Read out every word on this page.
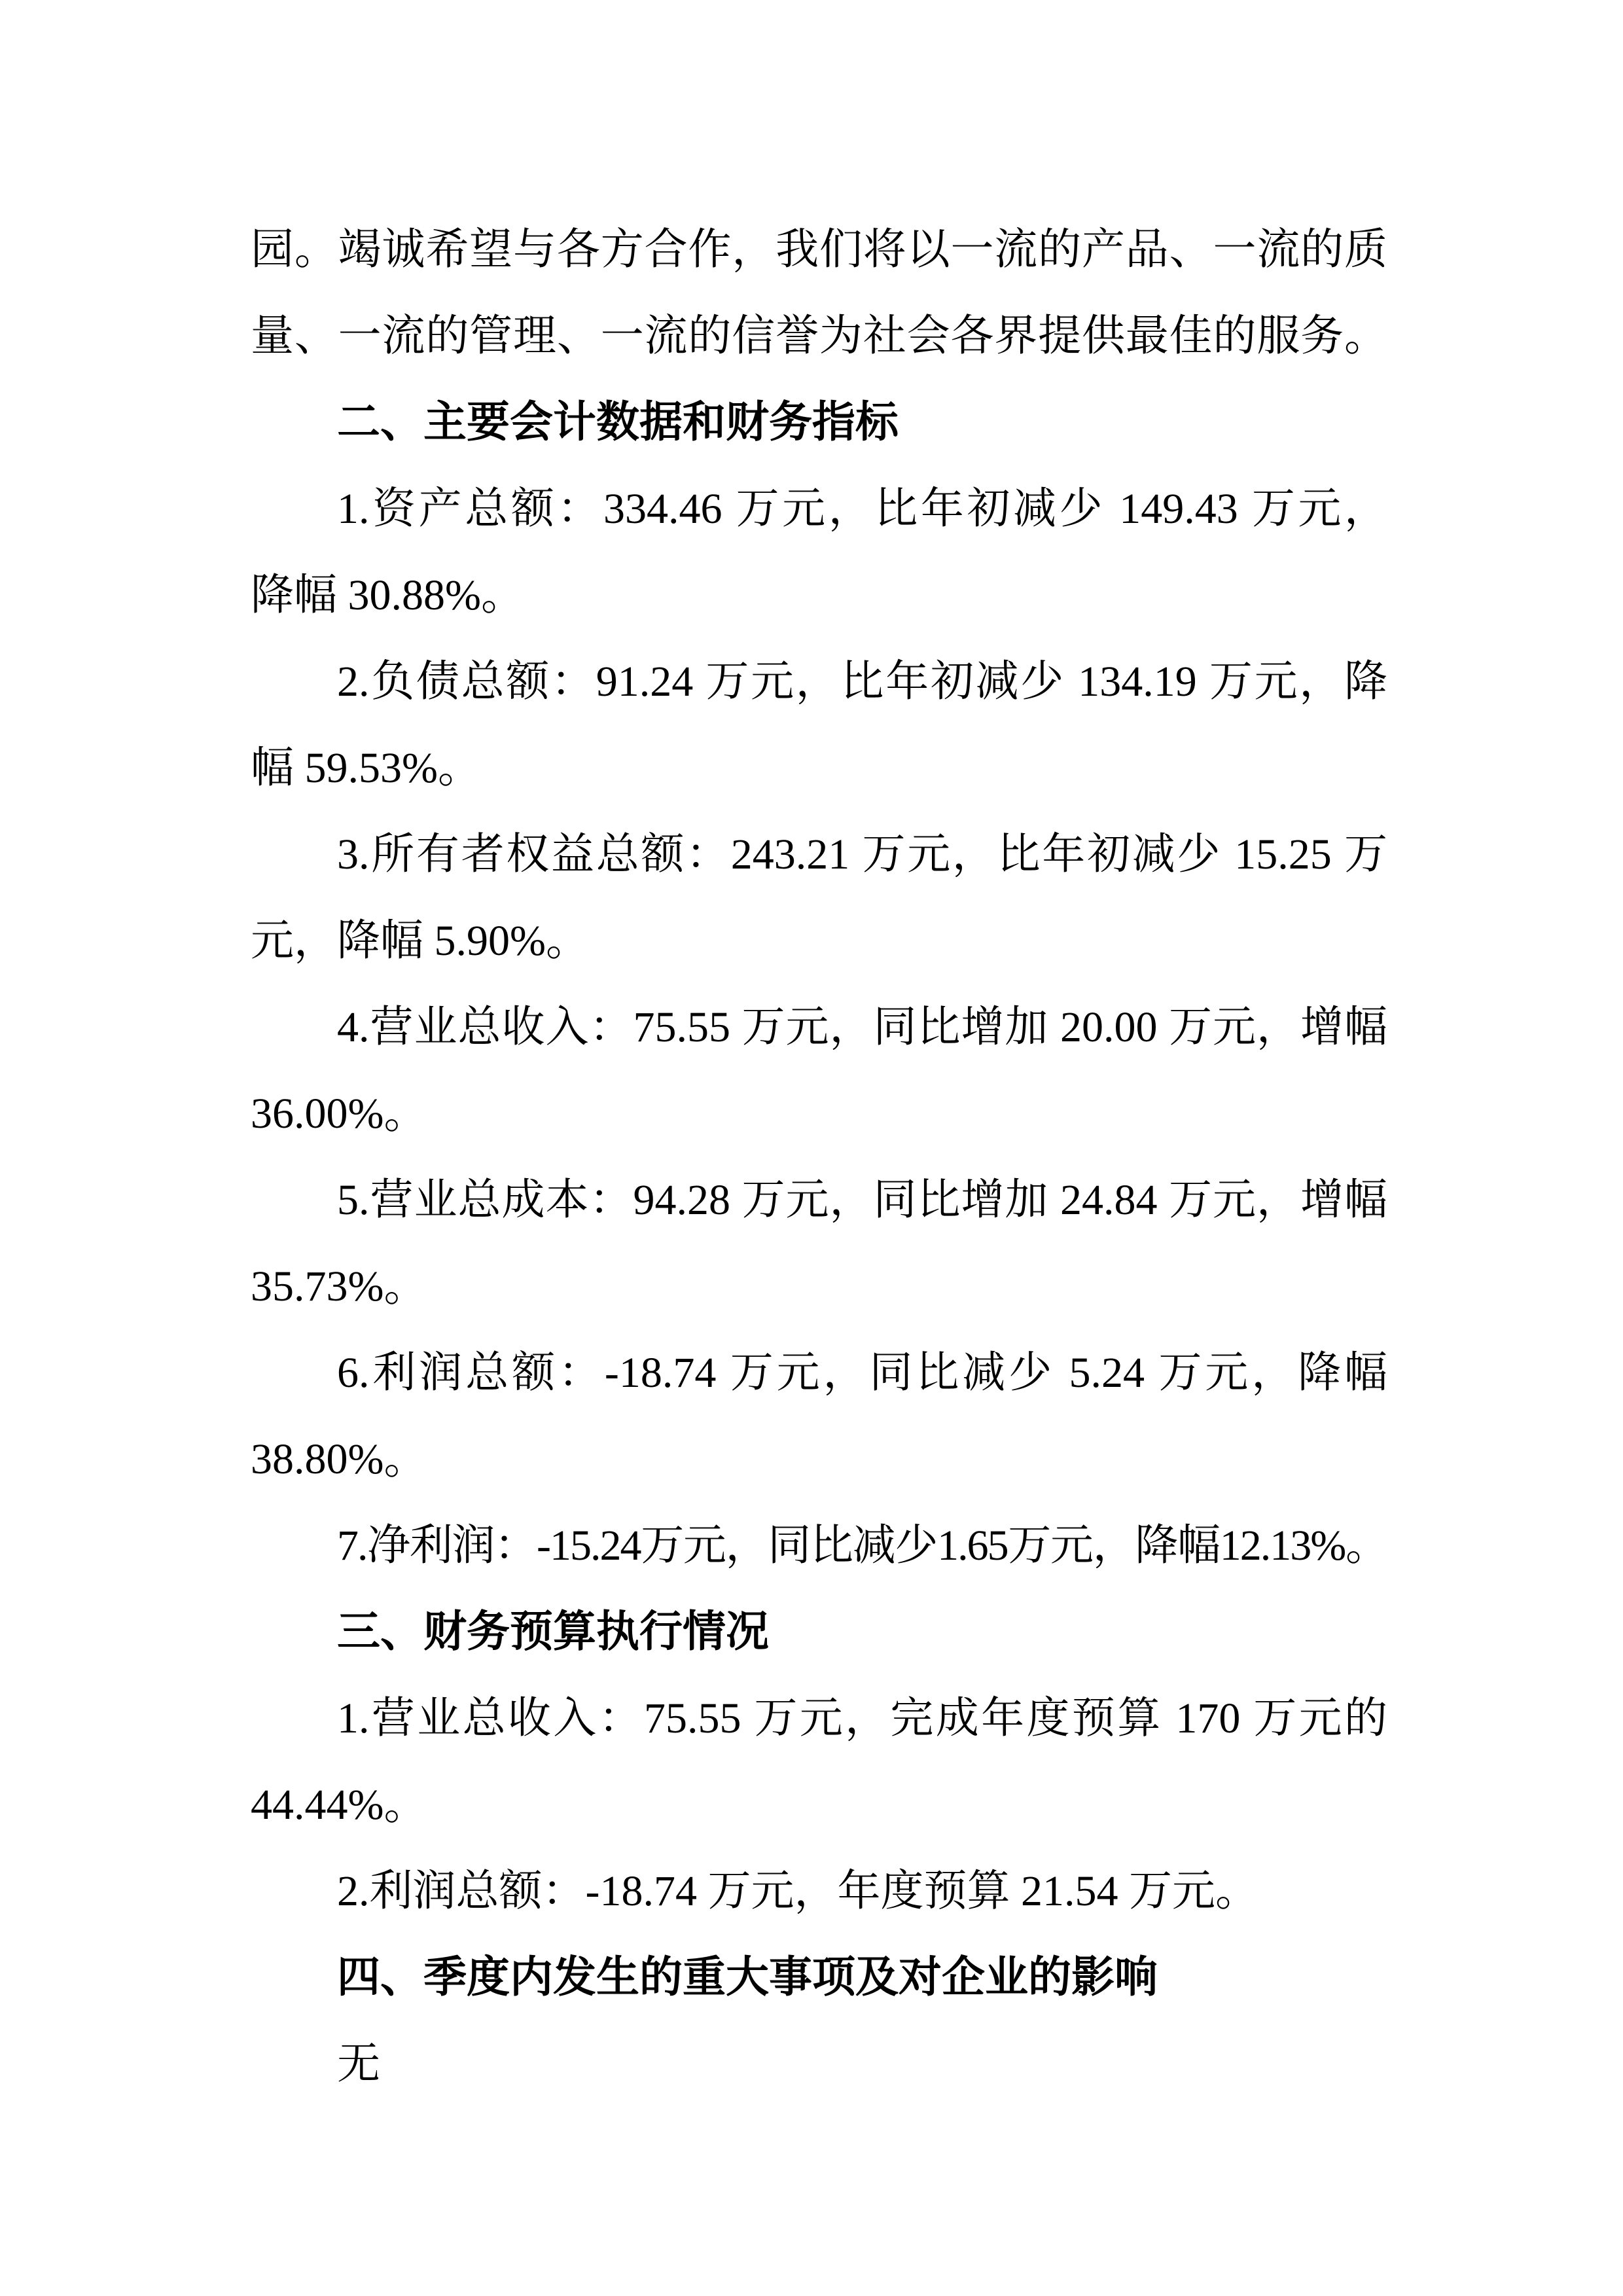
园。竭诚希望与各方合作，我们将以一流的产品、一流的质
量、一流的管理、一流的信誉为社会各界提供最佳的服务。
二、主要会计数据和财务指标
1.资产总额：334.46 万元，比年初减少 149.43 万元，
降幅 30.88%。
2.负债总额：91.24 万元，比年初减少 134.19 万元，降
幅 59.53%。
3.所有者权益总额：243.21 万元，比年初减少 15.25 万
元，降幅 5.90%。
4.营业总收入：75.55 万元，同比增加 20.00 万元，增幅
36.00%。
5.营业总成本：94.28 万元，同比增加 24.84 万元，增幅
35.73%。
6.利润总额：-18.74 万元，同比减少 5.24 万元，降幅
38.80%。
7.净利润：-15.24万元，同比减少1.65万元，降幅12.13%。
三、财务预算执行情况
1.营业总收入：75.55 万元，完成年度预算 170 万元的
44.44%。
2.利润总额：-18.74 万元，年度预算 21.54 万元。
四、季度内发生的重大事项及对企业的影响
无
